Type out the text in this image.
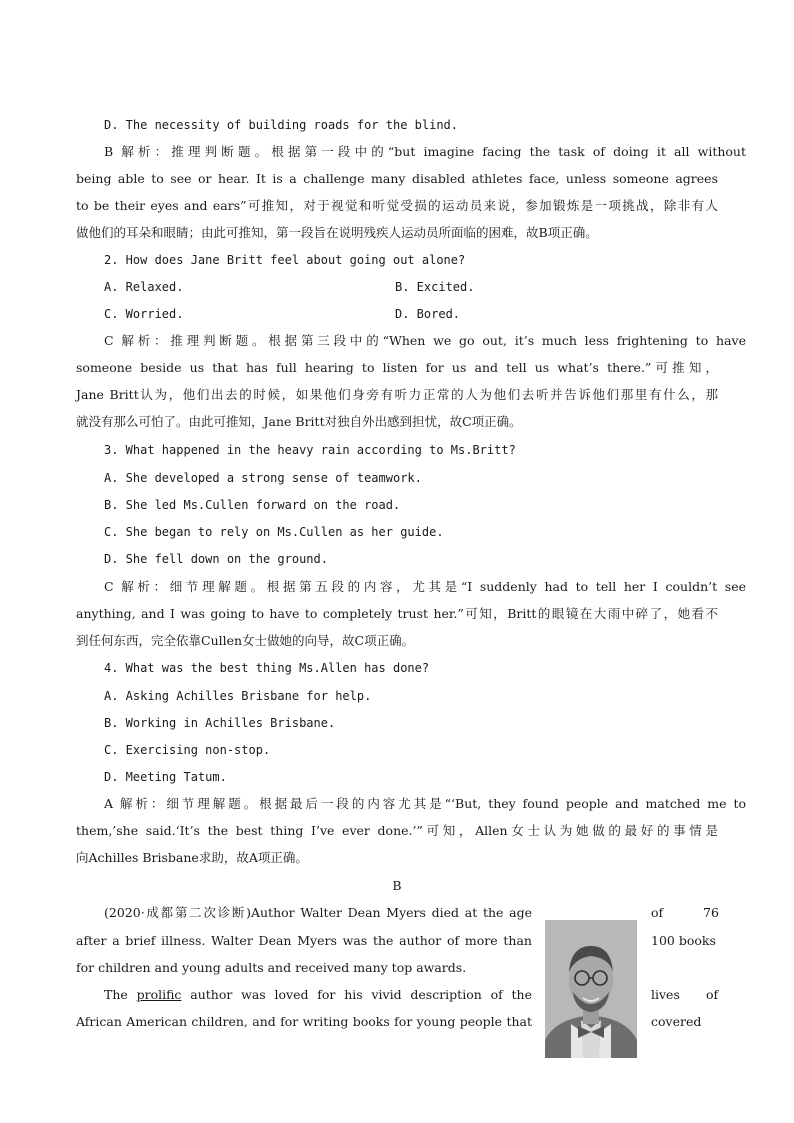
D. The necessity of building roads for the blind.
B 解析：推理判断题。根据第一段中的“but imagine facing the task of doing it all without
being able to see or hear. It is a challenge many disabled athletes face, unless someone agrees
to be their eyes and ears”可推知，对于视觉和听觉受损的运动员来说，参加锻炼是一项挑战，除非有人
做他们的耳朵和眼睛；由此可推知，第一段旨在说明残疾人运动员所面临的困难，故B项正确。
2. How does Jane Britt feel about going out alone?
A. Relaxed.	B. Excited.
C. Worried.	D. Bored.
C 解析：推理判断题。根据第三段中的“When we go out, it’s much less frightening to have
someone beside us that has full hearing to listen for us and tell us what’s there.”可推知，
Jane Britt认为，他们出去的时候，如果他们身旁有听力正常的人为他们去听并告诉他们那里有什么，那
就没有那么可怕了。由此可推知，Jane Britt对独自外出感到担忧，故C项正确。
3. What happened in the heavy rain according to Ms.Britt?
A. She developed a strong sense of teamwork.
B. She led Ms.Cullen forward on the road.
C. She began to rely on Ms.Cullen as her guide.
D. She fell down on the ground.
C 解析：细节理解题。根据第五段的内容，尤其是“I suddenly had to tell her I couldn’t see
anything, and I was going to have to completely trust her.”可知，Britt的眼镜在大雨中碎了，她看不
到任何东西，完全依靠Cullen女士做她的向导，故C项正确。
4. What was the best thing Ms.Allen has done?
A. Asking Achilles Brisbane for help.
B. Working in Achilles Brisbane.
C. Exercising non-stop.
D. Meeting Tatum.
A 解析：细节理解题。根据最后一段的内容尤其是“‘But, they found people and matched me to
them,’she said.‘It’s the best thing I’ve ever done.’”可知，Allen女士认为她做的最好的事情是
向Achilles Brisbane求助，故A项正确。
B
(2020·成都第二次诊断)Author Walter Dean Myers died at the age	of	76
after a brief illness. Walter Dean Myers was the author of more than	100 books
for children and young adults and received many top awards.
The prolific author was loved for his vivid description of the	lives of
African American children, and for writing books for young people that	covered
